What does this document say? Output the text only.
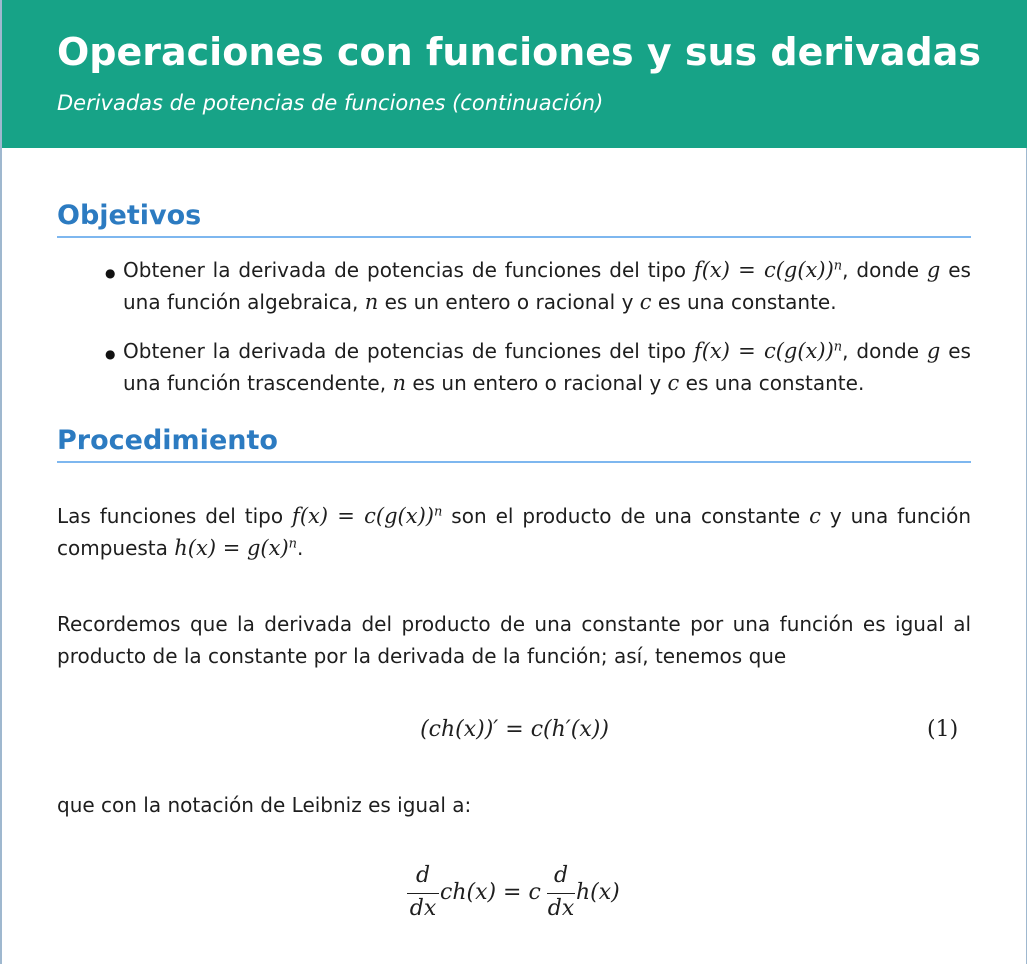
Operaciones con funciones y sus derivadas

Derivadas de potencias de funciones (continuación)

Objetivos
● Obtener la derivada de potencias de funciones del tipo $f(x) = c(g(x))^n$, donde g es una función algebraica, n es un entero o racional y c es una constante.
● Obtener la derivada de potencias de funciones del tipo $f(x) = c(g(x))^n$, donde g es una función trascendente, n es un entero o racional y c es una constante.
Procedimiento
Las funciones del tipo $f(x) = c(g(x))^n$ son el producto de una constante c y una función compuesta $h(x) = g(x)^n$.

Recordemos que la derivada del producto de una constante por una función es igual al producto de la constante por la derivada de la función; así, tenemos que

(ch(x))′ = c(h′(x))	(1)

que con la notación de Leibniz es igual a:

d
dx
ch(x) = c
d
dx
h(x)
